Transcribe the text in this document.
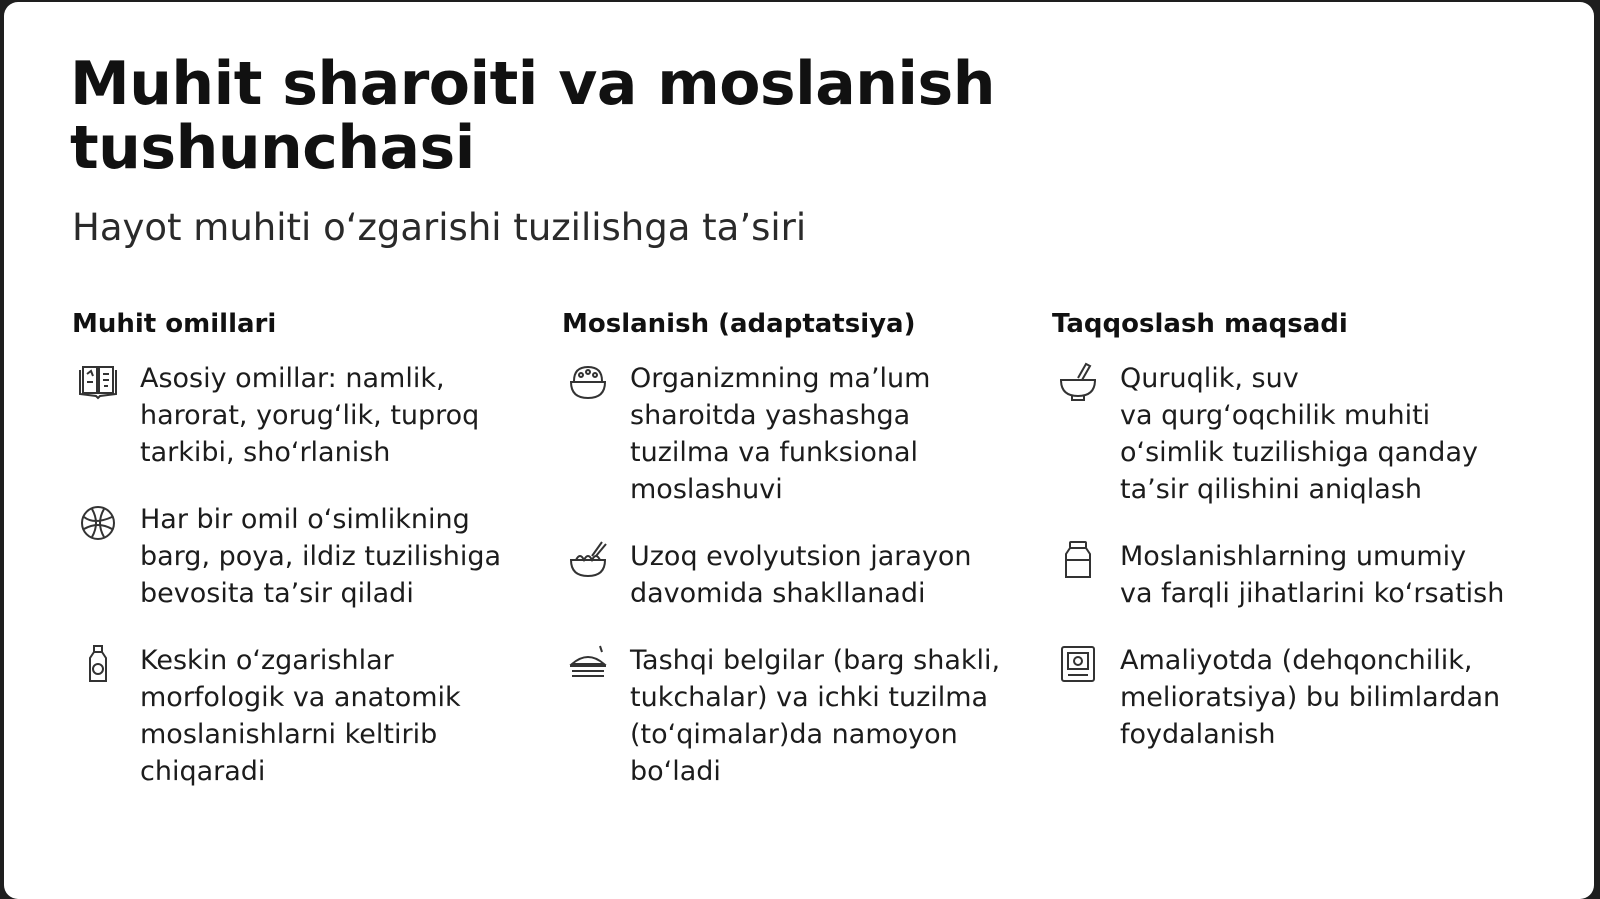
Muhit sharoiti va moslanish tushunchasi
Hayot muhiti o‘zgarishi tuzilishga ta’siri
Muhit omillari
Asosiy omillar: namlik,
harorat, yorug‘lik, tuproq
tarkibi, sho‘rlanish
Har bir omil o‘simlikning
barg, poya, ildiz tuzilishiga
bevosita ta’sir qiladi
Keskin o‘zgarishlar
morfologik va anatomik
moslanishlarni keltirib
chiqaradi
Moslanish (adaptatsiya)
Organizmning ma’lum
sharoitda yashashga
tuzilma va funksional
moslashuvi
Uzoq evolyutsion jarayon
davomida shakllanadi
Tashqi belgilar (barg shakli,
tukchalar) va ichki tuzilma
(to‘qimalar)da namoyon
bo‘ladi
Taqqoslash maqsadi
Quruqlik, suv
va qurg‘oqchilik muhiti
o‘simlik tuzilishiga qanday
ta’sir qilishini aniqlash
Moslanishlarning umumiy
va farqli jihatlarini ko‘rsatish
Amaliyotda (dehqonchilik,
melioratsiya) bu bilimlardan
foydalanish
